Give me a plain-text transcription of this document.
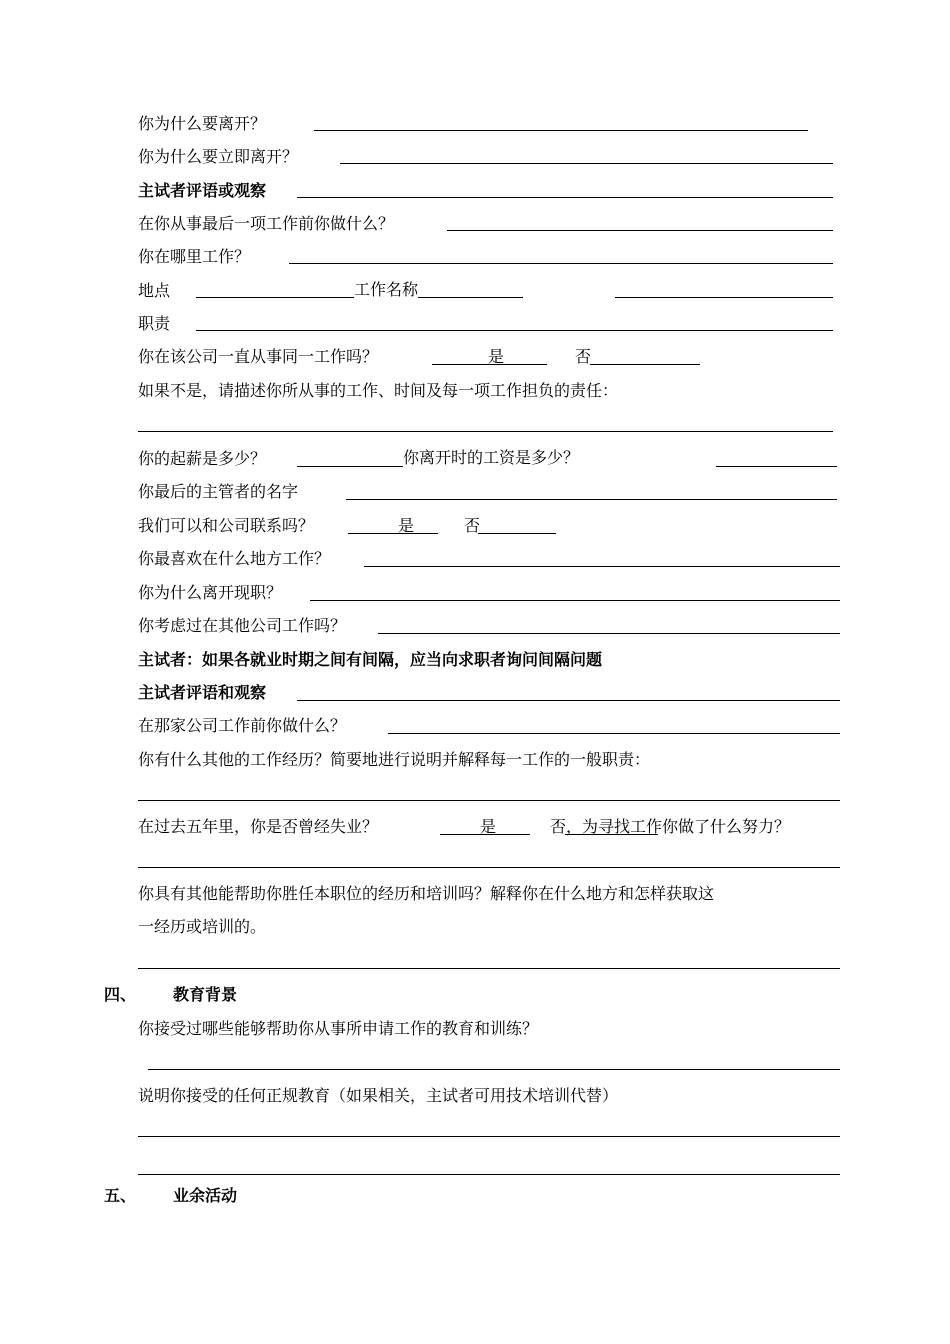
你为什么要离开？
你为什么要立即离开？
主试者评语或观察
在你从事最后一项工作前你做什么？
你在哪里工作？
地点	工作名称
职责
你在该公司一直从事同一工作吗？	是	否
如果不是，请描述你所从事的工作、时间及每一项工作担负的责任：
你的起薪是多少？	你离开时的工资是多少？
你最后的主管者的名字
我们可以和公司联系吗？	是	否
你最喜欢在什么地方工作？
你为什么离开现职？
你考虑过在其他公司工作吗？
主试者：如果各就业时期之间有间隔，应当向求职者询问间隔问题
主试者评语和观察
在那家公司工作前你做什么？
你有什么其他的工作经历？简要地进行说明并解释每一工作的一般职责：
在过去五年里，你是否曾经失业？	是	否，为寻找工作你做了什么努力？
你具有其他能帮助你胜任本职位的经历和培训吗？解释你在什么地方和怎样获取这
一经历或培训的。
四、 教育背景
你接受过哪些能够帮助你从事所申请工作的教育和训练？
说明你接受的任何正规教育（如果相关，主试者可用技术培训代替）
五、 业余活动
